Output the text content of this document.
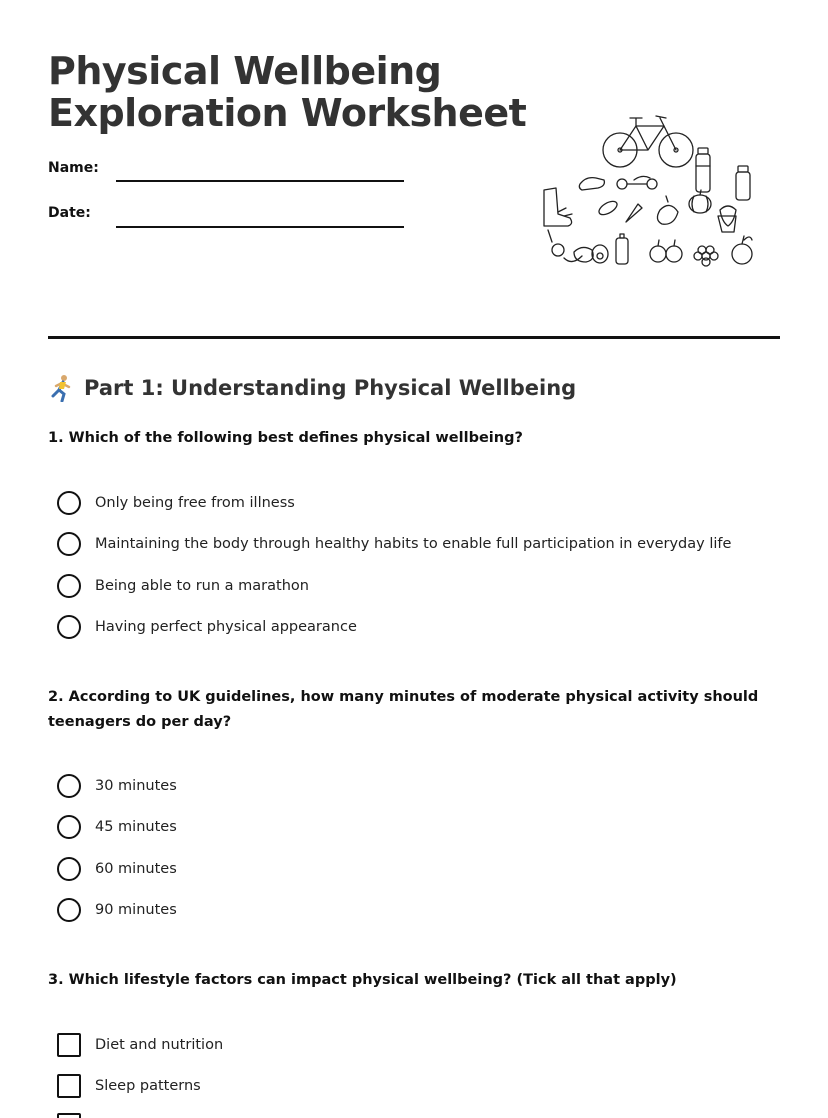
Physical Wellbeing
Exploration Worksheet
Name:
Date:
Part 1: Understanding Physical Wellbeing
1. Which of the following best defines physical wellbeing?
Only being free from illness
Maintaining the body through healthy habits to enable full participation in everyday life
Being able to run a marathon
Having perfect physical appearance
2. According to UK guidelines, how many minutes of moderate physical activity should teenagers do per day?
30 minutes
45 minutes
60 minutes
90 minutes
3. Which lifestyle factors can impact physical wellbeing? (Tick all that apply)
Diet and nutrition
Sleep patterns
